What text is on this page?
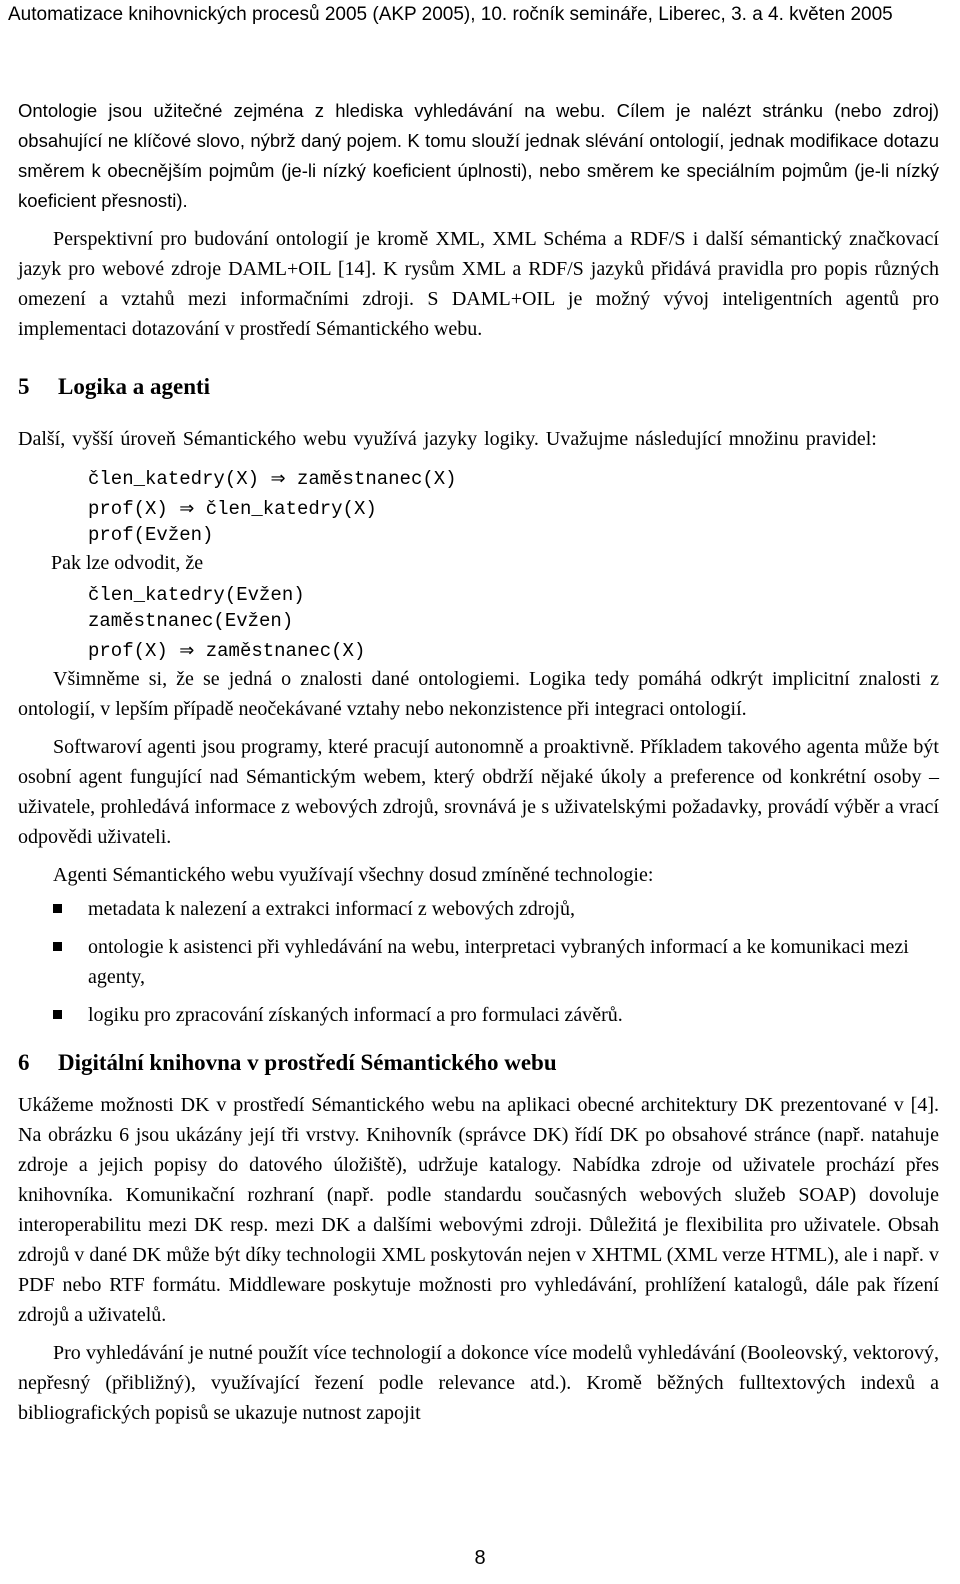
Automatizace knihovnických procesů 2005 (AKP 2005), 10. ročník semináře, Liberec, 3. a 4. květen 2005

Ontologie jsou užitečné zejména z hlediska vyhledávání na webu. Cílem je nalézt stránku (nebo zdroj) obsahující ne klíčové slovo, nýbrž daný pojem. K tomu slouží jednak slévání ontologií, jednak modifikace dotazu směrem k obecnějším pojmům (je-li nízký koeficient úplnosti), nebo směrem ke speciálním pojmům (je-li nízký koeficient přesnosti).

Perspektivní pro budování ontologií je kromě XML, XML Schéma a RDF/S i další sémantický značkovací jazyk pro webové zdroje DAML+OIL [14]. K rysům XML a RDF/S jazyků přidává pravidla pro popis různých omezení a vztahů mezi informačními zdroji. S DAML+OIL je možný vývoj inteligentních agentů pro implementaci dotazování v prostředí Sémantického webu.

5 Logika a agenti

Další, vyšší úroveň Sémantického webu využívá jazyky logiky. Uvažujme následující množinu pravidel:

člen_katedry(X) ⇒ zaměstnanec(X)
prof(X) ⇒ člen_katedry(X)
prof(Evžen)
Pak lze odvodit, že
člen_katedry(Evžen)
zaměstnanec(Evžen)
prof(X) ⇒ zaměstnanec(X)

Všimněme si, že se jedná o znalosti dané ontologiemi. Logika tedy pomáhá odkrýt implicitní znalosti z ontologií, v lepším případě neočekávané vztahy nebo nekonzistence při integraci ontologií.

Softwaroví agenti jsou programy, které pracují autonomně a proaktivně. Příkladem takového agenta může být osobní agent fungující nad Sémantickým webem, který obdrží nějaké úkoly a preference od konkrétní osoby – uživatele, prohledává informace z webových zdrojů, srovnává je s uživatelskými požadavky, provádí výběr a vrací odpovědi uživateli.

Agenti Sémantického webu využívají všechny dosud zmíněné technologie:

metadata k nalezení a extrakci informací z webových zdrojů,
ontologie k asistenci při vyhledávání na webu, interpretaci vybraných informací a ke komunikaci mezi agenty,
logiku pro zpracování získaných informací a pro formulaci závěrů.
6 Digitální knihovna v prostředí Sémantického webu

Ukážeme možnosti DK v prostředí Sémantického webu na aplikaci obecné architektury DK prezentované v [4]. Na obrázku 6 jsou ukázány její tři vrstvy. Knihovník (správce DK) řídí DK po obsahové stránce (např. natahuje zdroje a jejich popisy do datového úložiště), udržuje katalogy. Nabídka zdroje od uživatele prochází přes knihovníka. Komunikační rozhraní (např. podle standardu současných webových služeb SOAP) dovoluje interoperabilitu mezi DK resp. mezi DK a dalšími webovými zdroji. Důležitá je flexibilita pro uživatele. Obsah zdrojů v dané DK může být díky technologii XML poskytován nejen v XHTML (XML verze HTML), ale i např. v PDF nebo RTF formátu. Middleware poskytuje možnosti pro vyhledávání, prohlížení katalogů, dále pak řízení zdrojů a uživatelů.

Pro vyhledávání je nutné použít více technologií a dokonce více modelů vyhledávání (Booleovský, vektorový, nepřesný (přibližný), využívající řezení podle relevance atd.). Kromě běžných fulltextových indexů a bibliografických popisů se ukazuje nutnost zapojit

8
